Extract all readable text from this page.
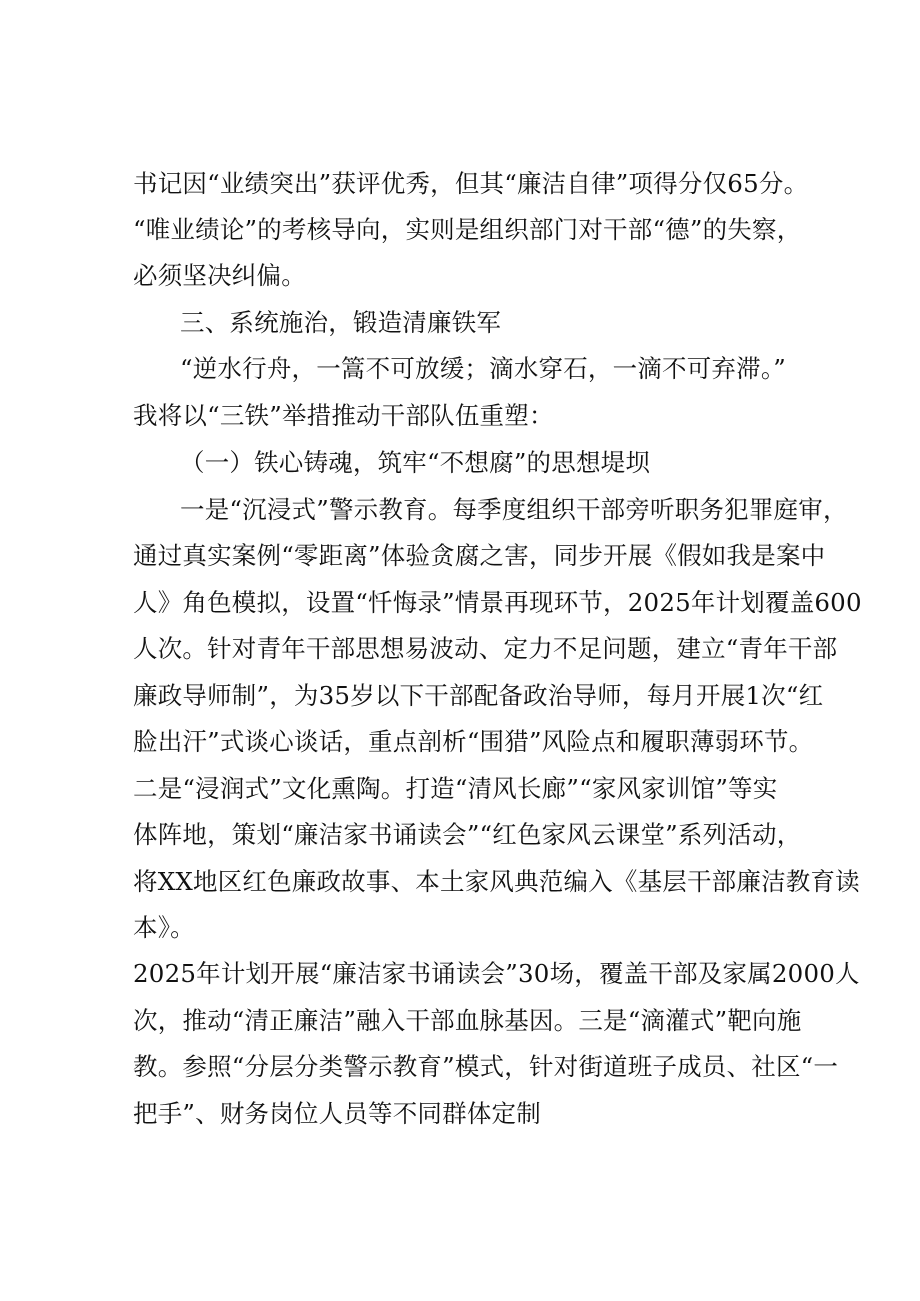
书记因“业绩突出”获评优秀，但其“廉洁自律”项得分仅65分。
“唯业绩论”的考核导向，实则是组织部门对干部“德”的失察，
必须坚决纠偏。
三、系统施治，锻造清廉铁军
“逆水行舟，一篙不可放缓；滴水穿石，一滴不可弃滞。”
我将以“三铁”举措推动干部队伍重塑：
（一）铁心铸魂，筑牢“不想腐”的思想堤坝
一是“沉浸式”警示教育。每季度组织干部旁听职务犯罪庭审，
通过真实案例“零距离”体验贪腐之害，同步开展《假如我是案中
人》角色模拟，设置“忏悔录”情景再现环节，2025年计划覆盖600
人次。针对青年干部思想易波动、定力不足问题，建立“青年干部
廉政导师制”，为35岁以下干部配备政治导师，每月开展1次“红
脸出汗”式谈心谈话，重点剖析“围猎”风险点和履职薄弱环节。
二是“浸润式”文化熏陶。打造“清风长廊”“家风家训馆”等实
体阵地，策划“廉洁家书诵读会”“红色家风云课堂”系列活动，
将XX地区红色廉政故事、本土家风典范编入《基层干部廉洁教育读
本》。
2025年计划开展“廉洁家书诵读会”30场，覆盖干部及家属2000人
次，推动“清正廉洁”融入干部血脉基因。三是“滴灌式”靶向施
教。参照“分层分类警示教育”模式，针对街道班子成员、社区“一
把手”、财务岗位人员等不同群体定制
